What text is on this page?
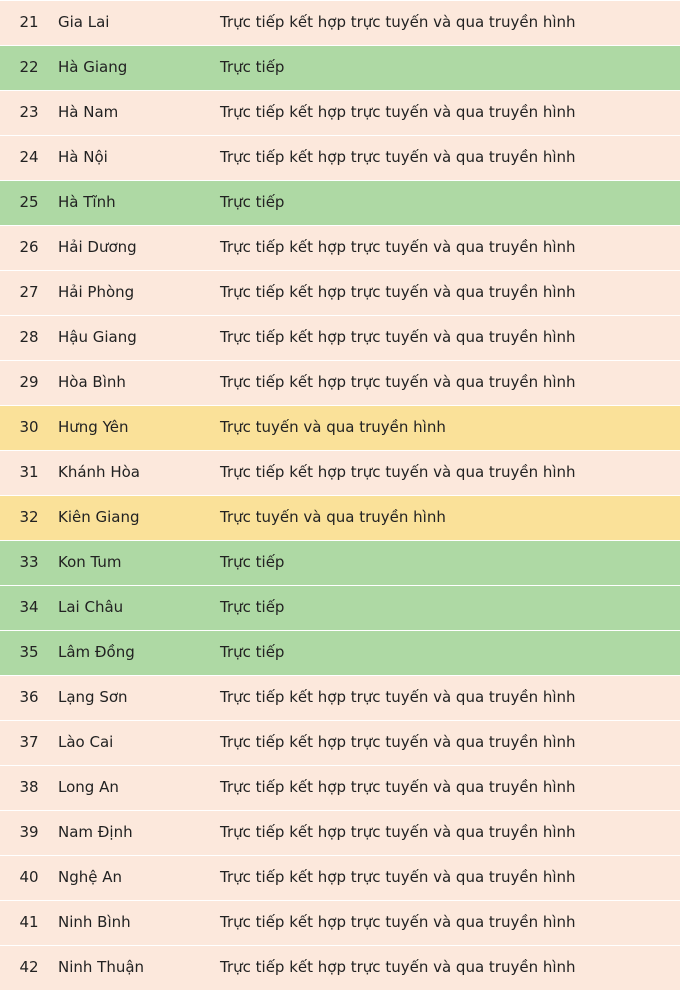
21	Gia Lai	Trực tiếp kết hợp trực tuyến và qua truyền hình
22	Hà Giang	Trực tiếp
23	Hà Nam	Trực tiếp kết hợp trực tuyến và qua truyền hình
24	Hà Nội	Trực tiếp kết hợp trực tuyến và qua truyền hình
25	Hà Tĩnh	Trực tiếp
26	Hải Dương	Trực tiếp kết hợp trực tuyến và qua truyền hình
27	Hải Phòng	Trực tiếp kết hợp trực tuyến và qua truyền hình
28	Hậu Giang	Trực tiếp kết hợp trực tuyến và qua truyền hình
29	Hòa Bình	Trực tiếp kết hợp trực tuyến và qua truyền hình
30	Hưng Yên	Trực tuyến và qua truyền hình
31	Khánh Hòa	Trực tiếp kết hợp trực tuyến và qua truyền hình
32	Kiên Giang	Trực tuyến và qua truyền hình
33	Kon Tum	Trực tiếp
34	Lai Châu	Trực tiếp
35	Lâm Đồng	Trực tiếp
36	Lạng Sơn	Trực tiếp kết hợp trực tuyến và qua truyền hình
37	Lào Cai	Trực tiếp kết hợp trực tuyến và qua truyền hình
38	Long An	Trực tiếp kết hợp trực tuyến và qua truyền hình
39	Nam Định	Trực tiếp kết hợp trực tuyến và qua truyền hình
40	Nghệ An	Trực tiếp kết hợp trực tuyến và qua truyền hình
41	Ninh Bình	Trực tiếp kết hợp trực tuyến và qua truyền hình
42	Ninh Thuận	Trực tiếp kết hợp trực tuyến và qua truyền hình
